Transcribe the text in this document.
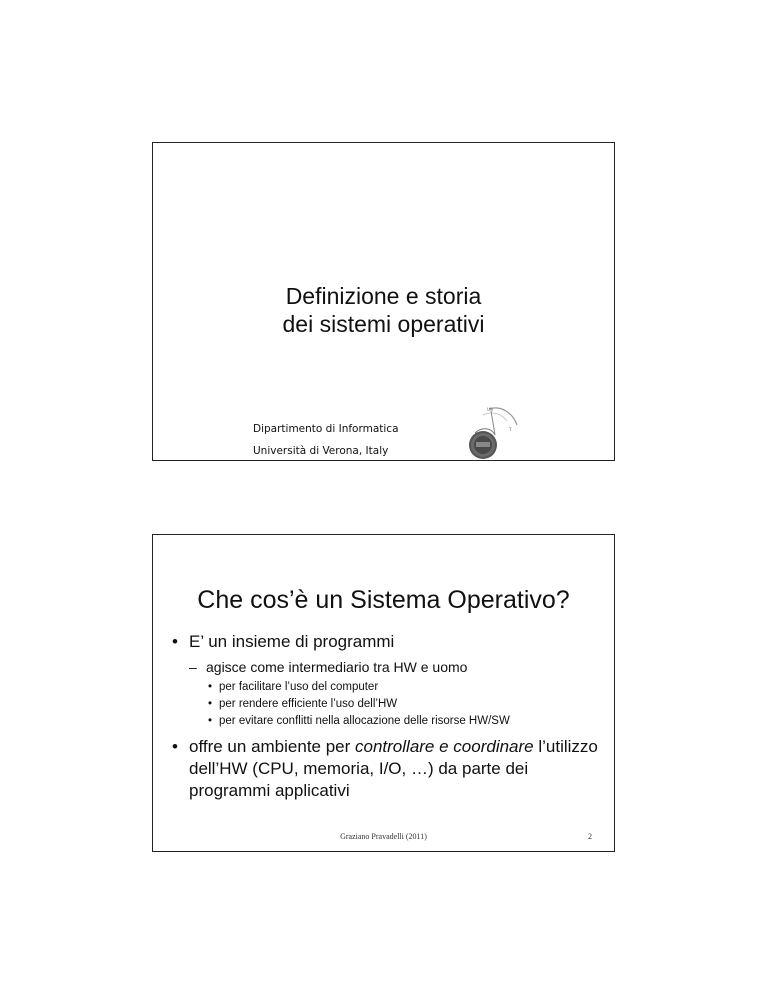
Definizione e storia
dei sistemi operativi
Dipartimento di Informatica
Università di Verona, Italy
UN
T
Che cos’è un Sistema Operativo?
• E’ un insieme di programmi
– agisce come intermediario tra HW e uomo
• per facilitare l’uso del computer
• per rendere efficiente l’uso dell’HW
• per evitare conflitti nella allocazione delle risorse HW/SW
• offre un ambiente per controllare e coordinare l’utilizzo dell’HW (CPU, memoria, I/O, …) da parte dei programmi applicativi
Graziano Pravadelli (2011)	2
